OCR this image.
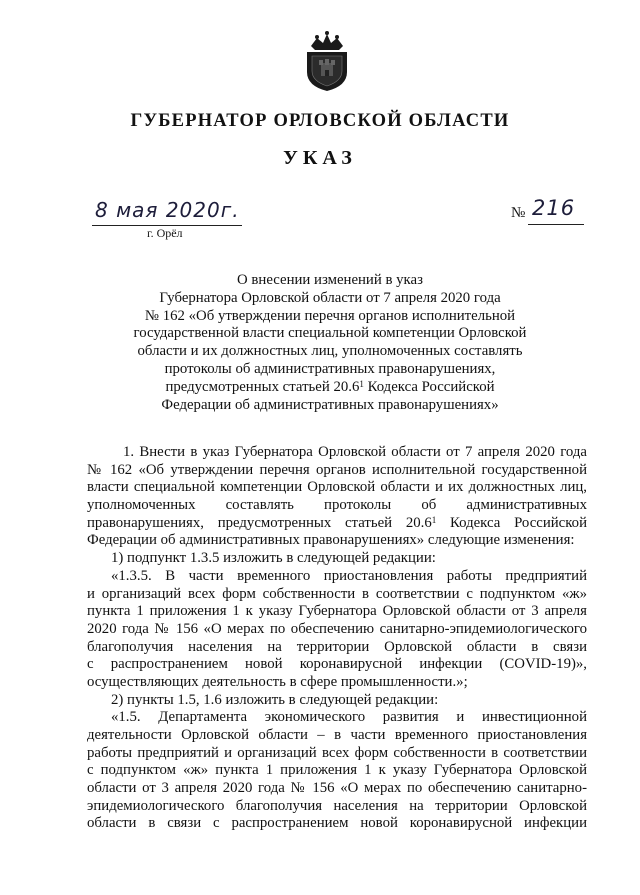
ГУБЕРНАТОР ОРЛОВСКОЙ ОБЛАСТИ
УКАЗ
8 мая 2020г.
г. Орёл
№ 216
О внесении изменений в указ
Губернатора Орловской области от 7 апреля 2020 года
№ 162 «Об утверждении перечня органов исполнительной
государственной власти специальной компетенции Орловской
области и их должностных лиц, уполномоченных составлять
протоколы об административных правонарушениях,
предусмотренных статьей 20.6$^1$ Кодекса Российской
Федерации об административных правонарушениях»
1. Внести в указ Губернатора Орловской области от 7 апреля 2020 года
№ 162 «Об утверждении перечня органов исполнительной государственной
власти специальной компетенции Орловской области и их должностных лиц,
уполномоченных составлять протоколы об административных
правонарушениях, предусмотренных статьей 20.6$^1$ Кодекса Российской
Федерации об административных правонарушениях» следующие изменения:
1) подпункт 1.3.5 изложить в следующей редакции:
«1.3.5. В части временного приостановления работы предприятий
и организаций всех форм собственности в соответствии с подпунктом «ж»
пункта 1 приложения 1 к указу Губернатора Орловской области от 3 апреля
2020 года № 156 «О мерах по обеспечению санитарно-эпидемиологического
благополучия населения на территории Орловской области в связи
с распространением новой коронавирусной инфекции (COVID-19)»,
осуществляющих деятельность в сфере промышленности.»;
2) пункты 1.5, 1.6 изложить в следующей редакции:
«1.5. Департамента экономического развития и инвестиционной
деятельности Орловской области – в части временного приостановления
работы предприятий и организаций всех форм собственности в соответствии
с подпунктом «ж» пункта 1 приложения 1 к указу Губернатора Орловской
области от 3 апреля 2020 года № 156 «О мерах по обеспечению санитарно-
эпидемиологического благополучия населения на территории Орловской
области в связи с распространением новой коронавирусной инфекции
